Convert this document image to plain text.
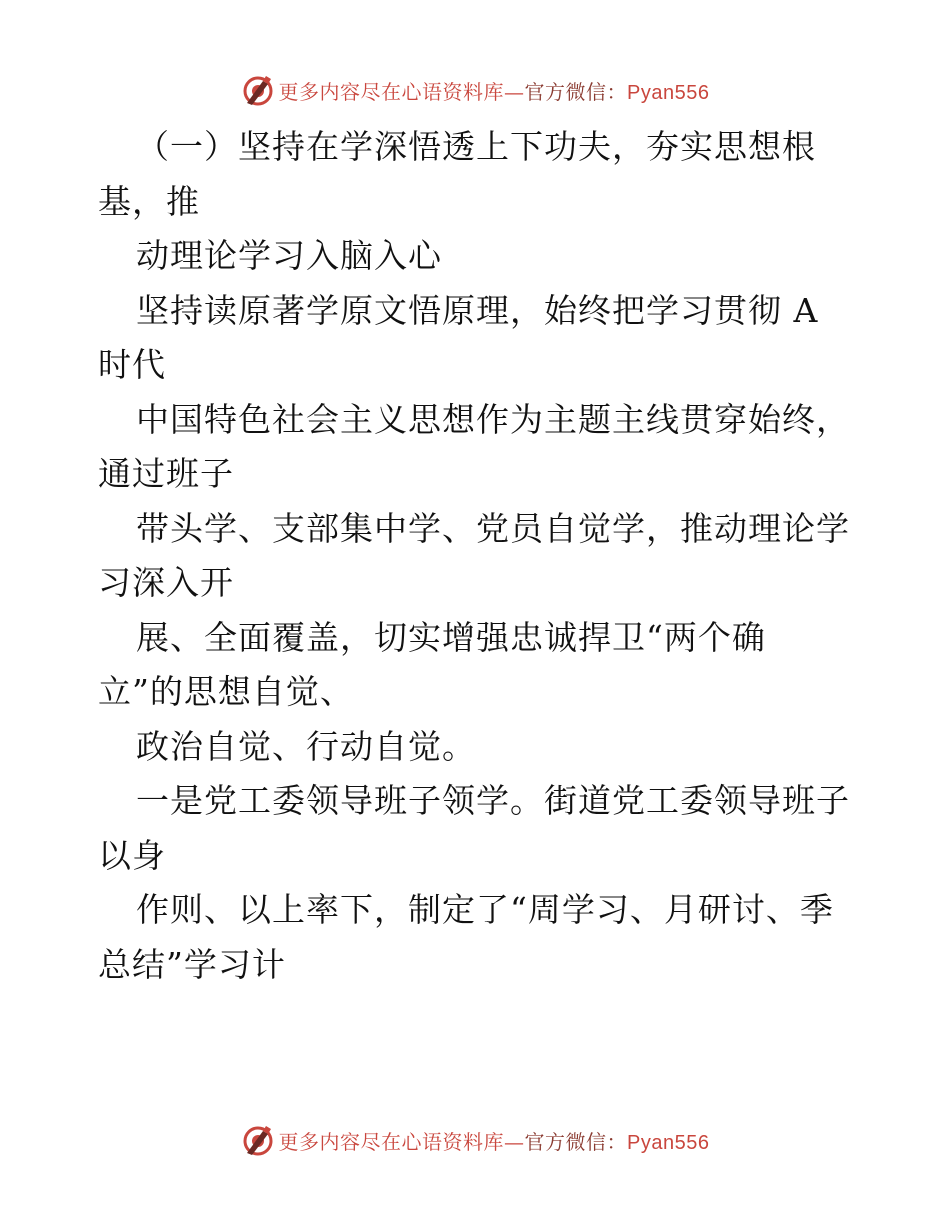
更多内容尽在心语资料库—官方微信：Pyan556
（一）坚持在学深悟透上下功夫，夯实思想根
基，推
动理论学习入脑入心
坚持读原著学原文悟原理，始终把学习贯彻 A
时代
中国特色社会主义思想作为主题主线贯穿始终，
通过班子
带头学、支部集中学、党员自觉学，推动理论学
习深入开
展、全面覆盖，切实增强忠诚捍卫“两个确
立”的思想自觉、
政治自觉、行动自觉。
一是党工委领导班子领学。街道党工委领导班子
以身
作则、以上率下，制定了“周学习、月研讨、季
总结”学习计
更多内容尽在心语资料库—官方微信：Pyan556
